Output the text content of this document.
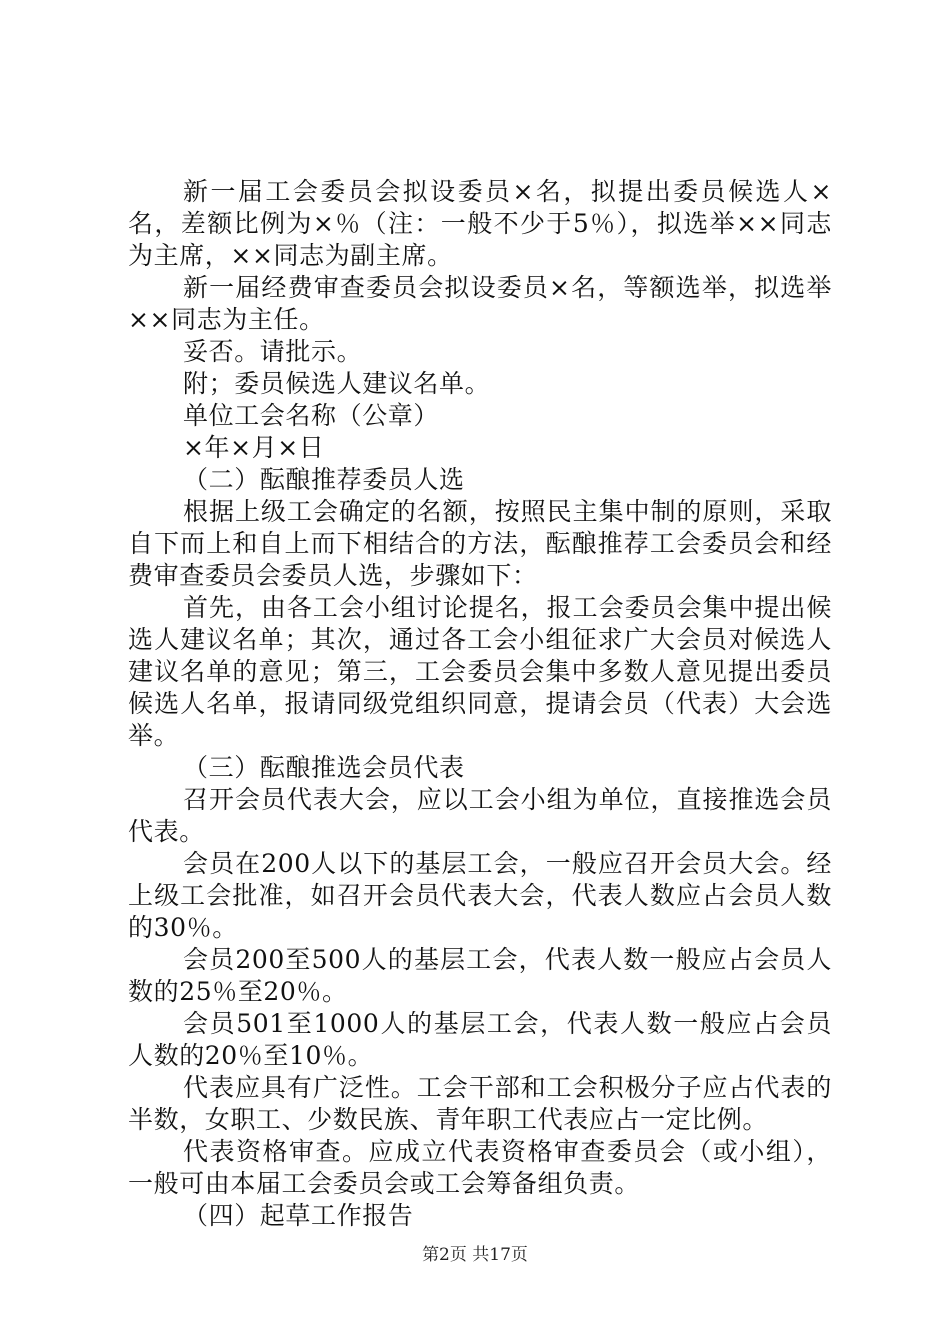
新一届工会委员会拟设委员×名，拟提出委员候选人×名，差额比例为×％（注：一般不少于5％），拟选举××同志为主席，××同志为副主席。

新一届经费审查委员会拟设委员×名，等额选举，拟选举××同志为主任。

妥否。请批示。

附；委员候选人建议名单。

单位工会名称（公章）

×年×月×日

（二）酝酿推荐委员人选

根据上级工会确定的名额，按照民主集中制的原则，采取自下而上和自上而下相结合的方法，酝酿推荐工会委员会和经费审查委员会委员人选，步骤如下：

首先，由各工会小组讨论提名，报工会委员会集中提出候选人建议名单；其次，通过各工会小组征求广大会员对候选人建议名单的意见；第三，工会委员会集中多数人意见提出委员候选人名单，报请同级党组织同意，提请会员（代表）大会选举。

（三）酝酿推选会员代表

召开会员代表大会，应以工会小组为单位，直接推选会员代表。

会员在200人以下的基层工会，一般应召开会员大会。经上级工会批准，如召开会员代表大会，代表人数应占会员人数的30％。

会员200至500人的基层工会，代表人数一般应占会员人数的25％至20％。

会员501至1000人的基层工会，代表人数一般应占会员人数的20％至10％。

代表应具有广泛性。工会干部和工会积极分子应占代表的半数，女职工、少数民族、青年职工代表应占一定比例。

代表资格审查。应成立代表资格审查委员会（或小组），一般可由本届工会委员会或工会筹备组负责。

（四）起草工作报告

第2页 共17页
